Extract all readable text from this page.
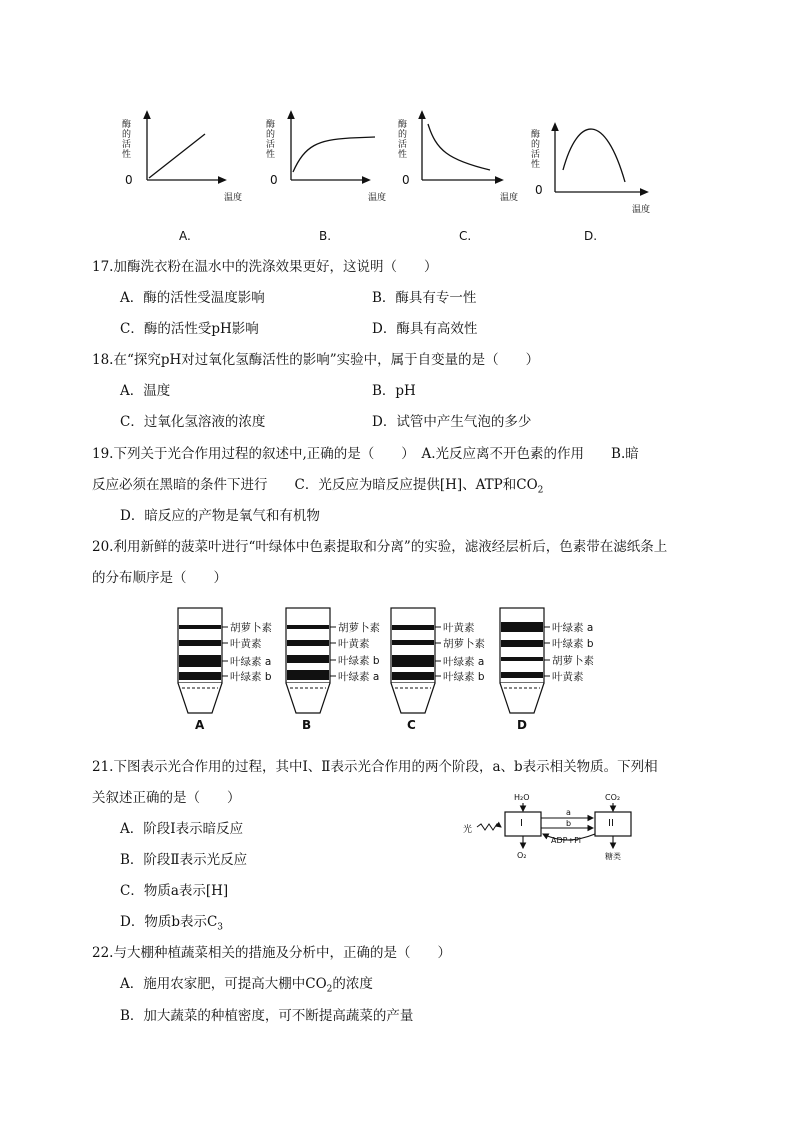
酶的活性
0
温度
A.
酶的活性
0
温度
B.
酶的活性
0
温度
C.
酶的活性
0
温度
D.
17.加酶洗衣粉在温水中的洗涤效果更好，这说明（　　）
A．酶的活性受温度影响	B．酶具有专一性
C．酶的活性受pH影响	D．酶具有高效性
18.在“探究pH对过氧化氢酶活性的影响”实验中，属于自变量的是（　　）
A．温度	B．pH
C．过氧化氢溶液的浓度	D．试管中产生气泡的多少
19.下列关于光合作用过程的叙述中,正确的是（　　）　A.光反应离不开色素的作用　　B.暗
反应必须在黑暗的条件下进行　　C．光反应为暗反应提供[H]、ATP和$CO_2$
D．暗反应的产物是氧气和有机物
20.利用新鲜的菠菜叶进行“叶绿体中色素提取和分离”的实验，滤液经层析后，色素带在滤纸条上
的分布顺序是（　　）
胡萝卜素
叶黄素
叶绿素 a
叶绿素 b
A
胡萝卜素
叶黄素
叶绿素 b
叶绿素 a
B
叶黄素
胡萝卜素
叶绿素 a
叶绿素 b
C
叶绿素 a
叶绿素 b
胡萝卜素
叶黄素
D
21.下图表示光合作用的过程，其中Ⅰ、Ⅱ表示光合作用的两个阶段，a、b表示相关物质。下列相
关叙述正确的是（　　）
A．阶段Ⅰ表示暗反应
B．阶段Ⅱ表示光反应
C．物质a表示[H]
D．物质b表示$C_3$
H₂O	CO₂
光
I	II
a
b
ADP+Pi
O₂	糖类
22.与大棚种植蔬菜相关的措施及分析中，正确的是（　　）
A．施用农家肥，可提高大棚中$CO_2$的浓度
B．加大蔬菜的种植密度，可不断提高蔬菜的产量
